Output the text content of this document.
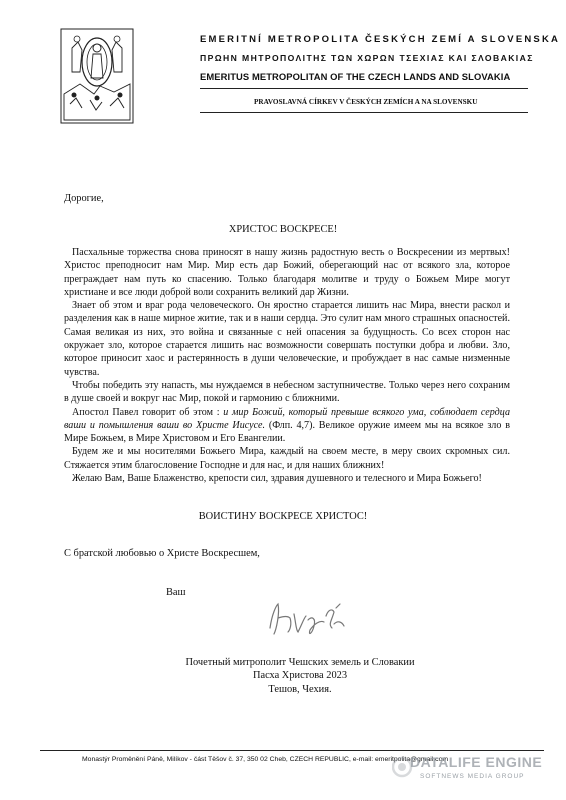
EMERITNÍ METROPOLITA ČESKÝCH ZEMÍ A SLOVENSKA
ΠΡΩΗΝ ΜΗΤΡΟΠΟΛΙΤΗΣ ΤΩΝ ΧΩΡΩΝ ΤΣΕΧΙΑΣ ΚΑΙ ΣΛΟΒΑΚΙΑΣ
EMERITUS METROPOLITAN OF THE CZECH LANDS AND SLOVAKIA
PRAVOSLAVNÁ CÍRKEV V ČESKÝCH ZEMÍCH A NA SLOVENSKU
Дорогие,
ХРИСТОС ВОСКРЕСЕ!

Пасхальные торжества снова приносят в нашу жизнь радостную весть о Воскресении из мертвых! Христос преподносит нам Мир. Мир есть дар Божий, оберегающий нас от всякого зла, которое преграждает нам путь ко спасению. Только благодаря молитве и труду о Божьем Мире могут христиане и все люди доброй воли сохранить великий дар Жизни.

Знает об этом и враг рода человеческого. Он яростно старается лишить нас Мира, внести раскол и разделения как в наше мирное житие, так и в наши сердца. Это сулит нам много страшных опасностей. Самая великая из них, это война и связанные с ней опасения за будущность. Со всех сторон нас окружает зло, которое старается лишить нас возможности совершать поступки добра и любви. Зло, которое приносит хаос и растерянность в души человеческие, и пробуждает в нас самые низменные чувства.

Чтобы победить эту напасть, мы нуждаемся в небесном заступничестве. Только через него сохраним в душе своей и вокруг нас Мир, покой и гармонию с ближними.

Апостол Павел говорит об этом : и мир Божий, который превыше всякого ума, соблюдает сердца ваши и помышления ваши во Христе Иисусе. (Флп. 4,7). Великое оружие имеем мы на всякое зло в Мире Божьем, в Мире Христовом и Его Евангелии.

Будем же и мы носителями Божьего Мира, каждый на своем месте, в меру своих скромных сил. Стяжается этим благословение Господне и для нас, и для наших ближних!

Желаю Вам, Ваше Блаженство, крепости сил, здравия душевного и телесного и Мира Божьего!

ВОИСТИНУ ВОСКРЕСЕ ХРИСТОС!
С братской любовью о Христе Воскресшем,
Ваш
Почетный митрополит Чешских земель и Словакии
Пасха Христова 2023
Тешов, Чехия.
Monastýr Proměnění Páně, Milíkov - část Těšov č. 37, 350 02 Cheb, CZECH REPUBLIC, e-mail: emeritpolita@gmail.com
DATALIFE ENGINE
SOFTNEWS MEDIA GROUP
